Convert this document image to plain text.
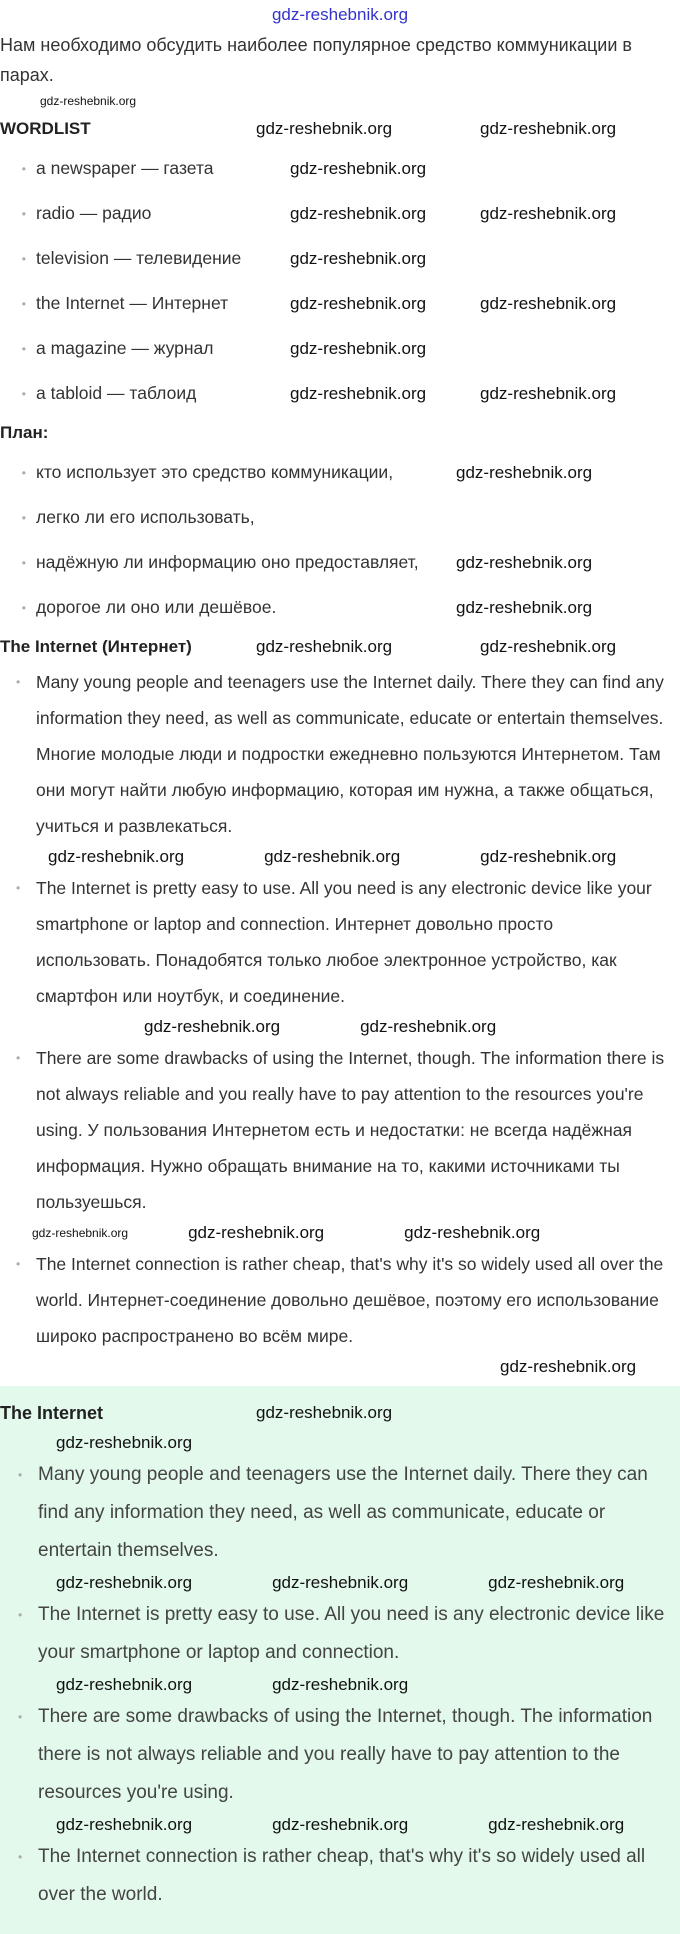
gdz-reshebnik.org
Нам необходимо обсудить наиболее популярное средство коммуникации в парах.
gdz-reshebnik.org
WORDLIST	gdz-reshebnik.org	gdz-reshebnik.org
• a newspaper — газета	gdz-reshebnik.org
• radio — радио	gdz-reshebnik.org	gdz-reshebnik.org
• television — телевидение	gdz-reshebnik.org
• the Internet — Интернет	gdz-reshebnik.org	gdz-reshebnik.org
• a magazine — журнал	gdz-reshebnik.org
• a tabloid — таблоид	gdz-reshebnik.org	gdz-reshebnik.org
План:
• кто использует это средство коммуникации,	gdz-reshebnik.org
• легко ли его использовать,
• надёжную ли информацию оно предоставляет,	gdz-reshebnik.org
• дорогое ли оно или дешёвое.	gdz-reshebnik.org
The Internet (Интернет)	gdz-reshebnik.org	gdz-reshebnik.org
• Many young people and teenagers use the Internet daily. There they can find any information they need, as well as communicate, educate or entertain themselves. Многие молодые люди и подростки ежедневно пользуются Интернетом. Там они могут найти любую информацию, которая им нужна, а также общаться, учиться и развлекаться.
gdz-reshebnik.org	gdz-reshebnik.org	gdz-reshebnik.org
• The Internet is pretty easy to use. All you need is any electronic device like your smartphone or laptop and connection. Интернет довольно просто использовать. Понадобятся только любое электронное устройство, как смартфон или ноутбук, и соединение.
gdz-reshebnik.org	gdz-reshebnik.org
• There are some drawbacks of using the Internet, though. The information there is not always reliable and you really have to pay attention to the resources you're using. У пользования Интернетом есть и недостатки: не всегда надёжная информация. Нужно обращать внимание на то, какими источниками ты пользуешься.
gdz-reshebnik.org	gdz-reshebnik.org	gdz-reshebnik.org
• The Internet connection is rather cheap, that's why it's so widely used all over the world. Интернет-соединение довольно дешёвое, поэтому его использование широко распространено во всём мире.
gdz-reshebnik.org
The Internet	gdz-reshebnik.org
gdz-reshebnik.org
• Many young people and teenagers use the Internet daily. There they can find any information they need, as well as communicate, educate or entertain themselves.
gdz-reshebnik.org	gdz-reshebnik.org	gdz-reshebnik.org
• The Internet is pretty easy to use. All you need is any electronic device like your smartphone or laptop and connection.
gdz-reshebnik.org	gdz-reshebnik.org
• There are some drawbacks of using the Internet, though. The information there is not always reliable and you really have to pay attention to the resources you're using.
gdz-reshebnik.org	gdz-reshebnik.org	gdz-reshebnik.org
• The Internet connection is rather cheap, that's why it's so widely used all over the world.
